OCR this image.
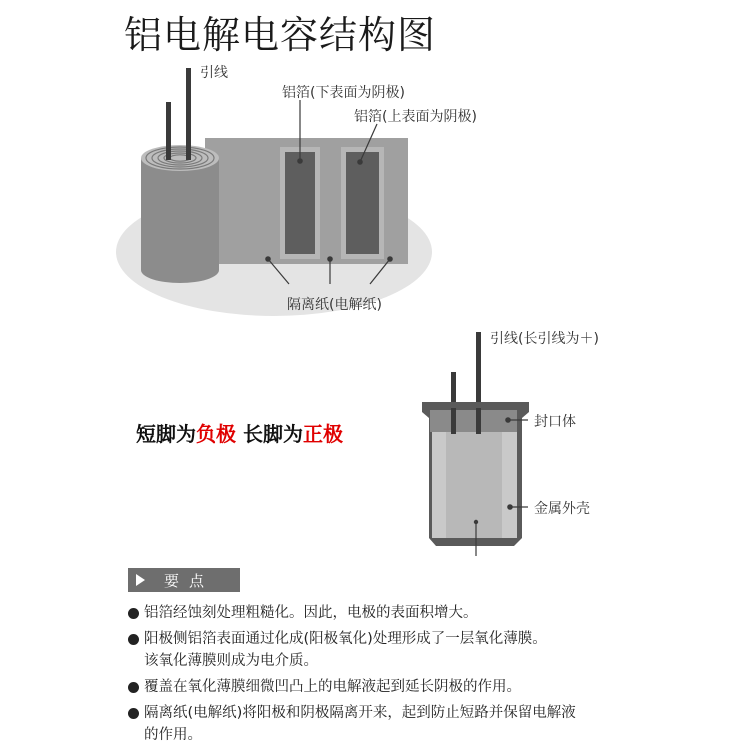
铝电解电容结构图
引线
铝箔(下表面为阴极)
铝箔(上表面为阴极)
隔离纸(电解纸)
引线(长引线为＋)
封口体
金属外壳
短脚为负极 长脚为正极
要点
铝箔经蚀刻处理粗糙化。因此，电极的表面积增大。
阳极侧铝箔表面通过化成(阳极氧化)处理形成了一层氧化薄膜。
该氧化薄膜则成为电介质。
覆盖在氧化薄膜细微凹凸上的电解液起到延长阴极的作用。
隔离纸(电解纸)将阳极和阴极隔离开来，起到防止短路并保留电解液
的作用。
